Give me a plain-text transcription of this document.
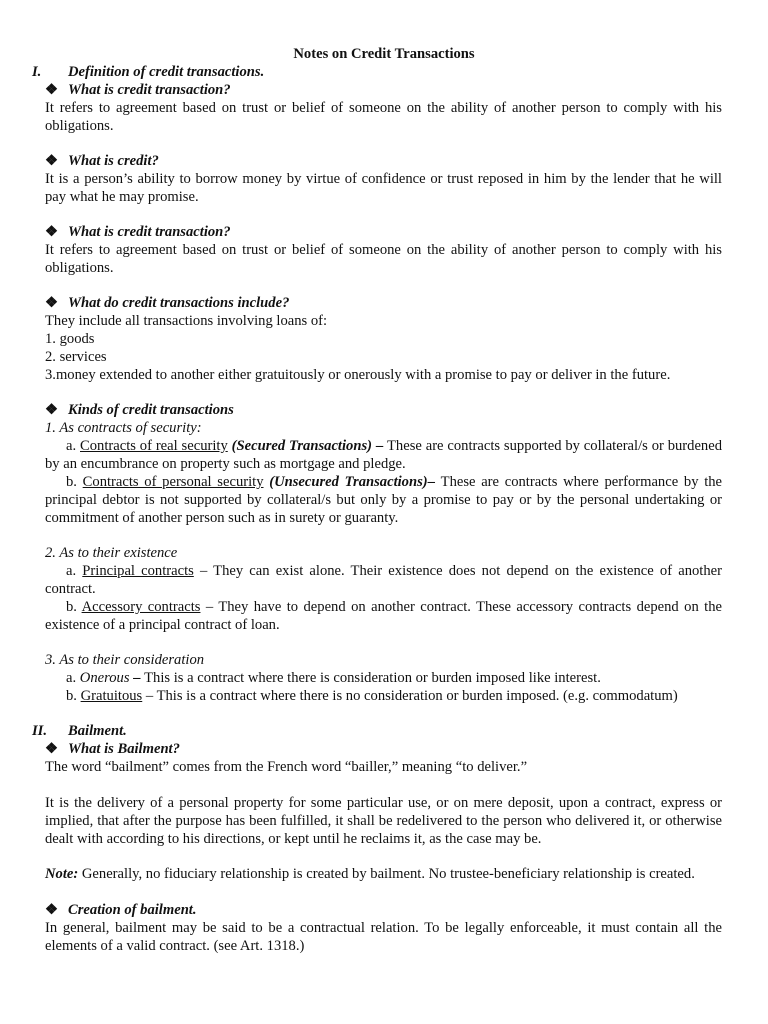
Notes on Credit Transactions
I. Definition of credit transactions.
❖ What is credit transaction?
It refers to agreement based on trust or belief of someone on the ability of another person to comply with his obligations.
❖ What is credit?
It is a person’s ability to borrow money by virtue of confidence or trust reposed in him by the lender that he will pay what he may promise.
❖ What is credit transaction?
It refers to agreement based on trust or belief of someone on the ability of another person to comply with his obligations.
❖ What do credit transactions include?
They include all transactions involving loans of:
1. goods
2. services
3.money extended to another either gratuitously or onerously with a promise to pay or deliver in the future.
❖ Kinds of credit transactions
1. As contracts of security:
a. Contracts of real security (Secured Transactions) – These are contracts supported by collateral/s or burdened by an encumbrance on property such as mortgage and pledge.
b. Contracts of personal security (Unsecured Transactions)– These are contracts where performance by the principal debtor is not supported by collateral/s but only by a promise to pay or by the personal undertaking or commitment of another person such as in surety or guaranty.
2. As to their existence
a. Principal contracts – They can exist alone. Their existence does not depend on the existence of another contract.
b. Accessory contracts – They have to depend on another contract. These accessory contracts depend on the existence of a principal contract of loan.
3. As to their consideration
a. Onerous – This is a contract where there is consideration or burden imposed like interest.
b. Gratuitous – This is a contract where there is no consideration or burden imposed. (e.g. commodatum)
II. Bailment.
❖ What is Bailment?
The word “bailment” comes from the French word “bailler,” meaning “to deliver.”
It is the delivery of a personal property for some particular use, or on mere deposit, upon a contract, express or implied, that after the purpose has been fulfilled, it shall be redelivered to the person who delivered it, or otherwise dealt with according to his directions, or kept until he reclaims it, as the case may be.
Note: Generally, no fiduciary relationship is created by bailment. No trustee-beneficiary relationship is created.
❖ Creation of bailment.
In general, bailment may be said to be a contractual relation. To be legally enforceable, it must contain all the elements of a valid contract. (see Art. 1318.)
